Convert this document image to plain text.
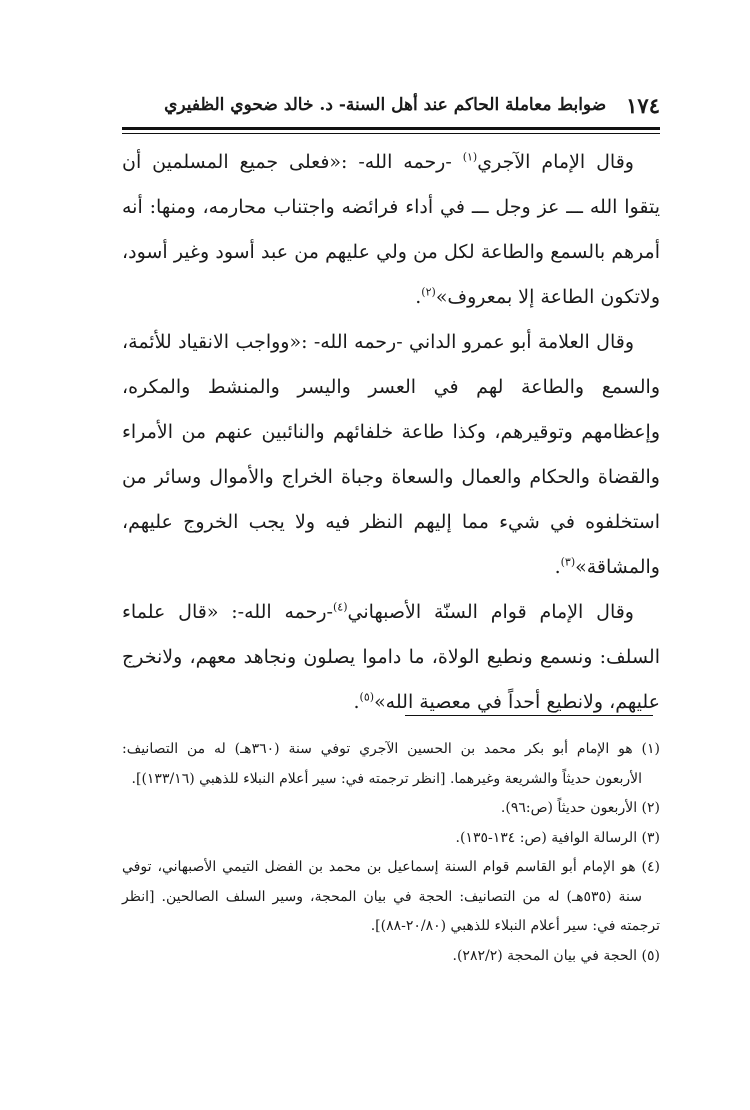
١٧٤
ضوابط معاملة الحاكم عند أهل السنة- د. خالد ضحوي الظفيري

وقال الإمام الآجري$^{(١)}$ -رحمه الله- :«فعلى جميع المسلمين أن يتقوا الله ـــ عز وجل ـــ في أداء فرائضه واجتناب محارمه، ومنها: أنه أمرهم بالسمع والطاعة لكل من ولي عليهم من عبد أسود وغير أسود، ولاتكون الطاعة إلا بمعروف»$^{(٢)}$.

وقال العلامة أبو عمرو الداني -رحمه الله- :«وواجب الانقياد للأئمة، والسمع والطاعة لهم في العسر واليسر والمنشط والمكره، وإعظامهم وتوقيرهم، وكذا طاعة خلفائهم والنائبين عنهم من الأمراء والقضاة والحكام والعمال والسعاة وجباة الخراج والأموال وسائر من استخلفوه في شيء مما إليهم النظر فيه ولا يجب الخروج عليهم، والمشاقة»$^{(٣)}$.

وقال الإمام قوام السنّة الأصبهاني$^{(٤)}$-رحمه الله-: «قال علماء السلف: ونسمع ونطيع الولاة، ما داموا يصلون ونجاهد معهم، ولانخرج عليهم، ولانطيع أحداً في معصية الله»$^{(٥)}$.

(١) هو الإمام أبو بكر محمد بن الحسين الآجري توفي سنة (٣٦٠هـ) له من التصانيف: الأربعون حديثاً والشريعة وغيرهما. [انظر ترجمته في: سير أعلام النبلاء للذهبي (١٣٣/١٦)].

(٢) الأربعون حديثاً (ص:٩٦).

(٣) الرسالة الوافية (ص: ١٣٤-١٣٥).

(٤) هو الإمام أبو القاسم قوام السنة إسماعيل بن محمد بن الفضل التيمي الأصبهاني، توفي سنة (٥٣٥هـ) له من التصانيف: الحجة في بيان المحجة، وسير السلف الصالحين. [انظر ترجمته في: سير أعلام النبلاء للذهبي (٢٠/٨٠-٨٨)].

(٥) الحجة في بيان المحجة (٢٨٢/٢).
